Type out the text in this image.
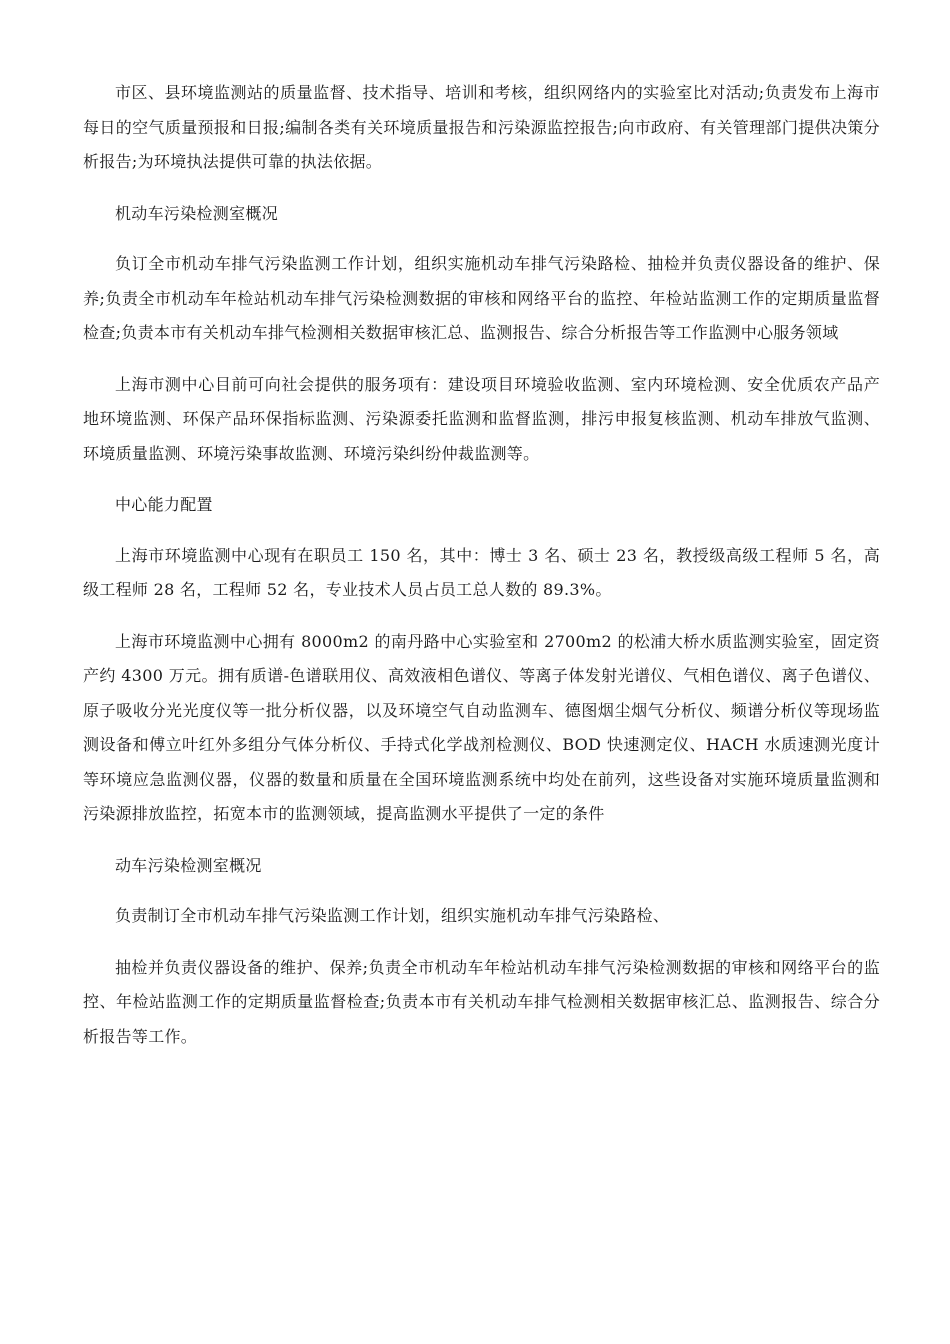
市区、县环境监测站的质量监督、技术指导、培训和考核，组织网络内的实验室比对活动;负责发布上海市每日的空气质量预报和日报;编制各类有关环境质量报告和污染源监控报告;向市政府、有关管理部门提供决策分析报告;为环境执法提供可靠的执法依据。

机动车污染检测室概况

负订全市机动车排气污染监测工作计划，组织实施机动车排气污染路检、抽检并负责仪器设备的维护、保养;负责全市机动车年检站机动车排气污染检测数据的审核和网络平台的监控、年检站监测工作的定期质量监督检查;负责本市有关机动车排气检测相关数据审核汇总、监测报告、综合分析报告等工作监测中心服务领域

上海市测中心目前可向社会提供的服务项有：建设项目环境验收监测、室内环境检测、安全优质农产品产地环境监测、环保产品环保指标监测、污染源委托监测和监督监测，排污申报复核监测、机动车排放气监测、环境质量监测、环境污染事故监测、环境污染纠纷仲裁监测等。

中心能力配置

上海市环境监测中心现有在职员工 150 名，其中：博士 3 名、硕士 23 名，教授级高级工程师 5 名，高级工程师 28 名，工程师 52 名，专业技术人员占员工总人数的 89.3%。

上海市环境监测中心拥有 8000m2 的南丹路中心实验室和 2700m2 的松浦大桥水质监测实验室，固定资产约 4300 万元。拥有质谱-色谱联用仪、高效液相色谱仪、等离子体发射光谱仪、气相色谱仪、离子色谱仪、原子吸收分光光度仪等一批分析仪器，以及环境空气自动监测车、德图烟尘烟气分析仪、频谱分析仪等现场监测设备和傅立叶红外多组分气体分析仪、手持式化学战剂检测仪、BOD 快速测定仪、HACH 水质速测光度计等环境应急监测仪器，仪器的数量和质量在全国环境监测系统中均处在前列，这些设备对实施环境质量监测和污染源排放监控，拓宽本市的监测领域，提高监测水平提供了一定的条件

动车污染检测室概况

负责制订全市机动车排气污染监测工作计划，组织实施机动车排气污染路检、

抽检并负责仪器设备的维护、保养;负责全市机动车年检站机动车排气污染检测数据的审核和网络平台的监控、年检站监测工作的定期质量监督检查;负责本市有关机动车排气检测相关数据审核汇总、监测报告、综合分析报告等工作。
